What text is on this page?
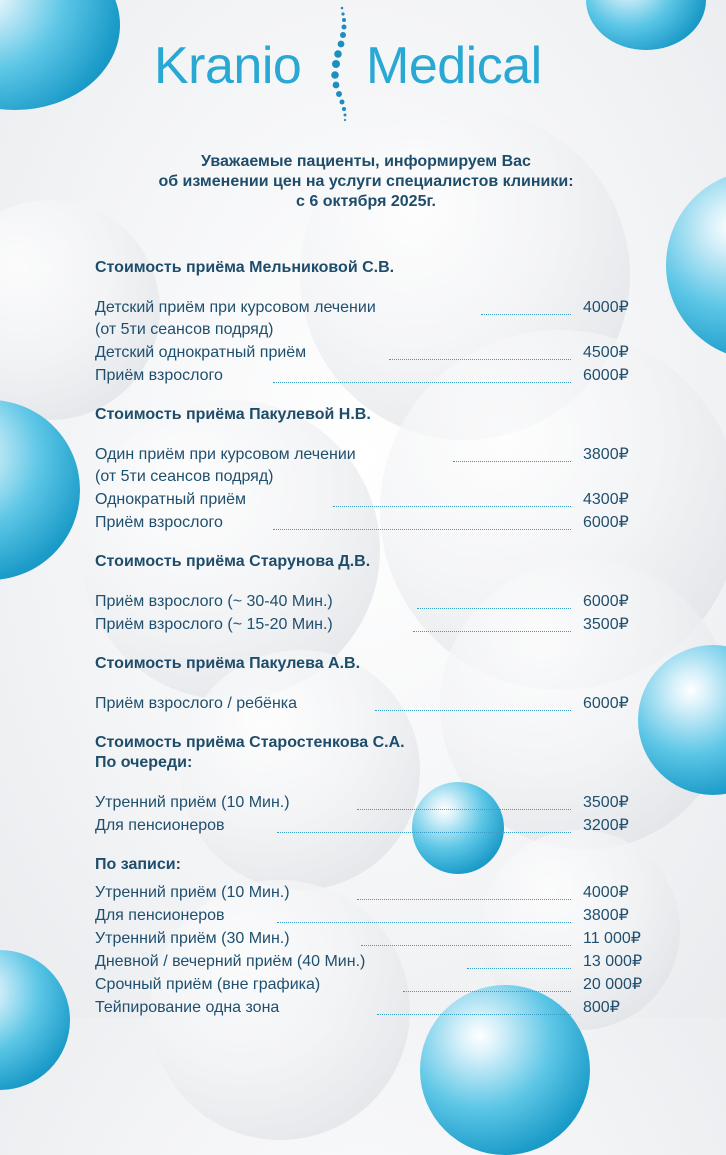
Kranio Medical
Уважаемые пациенты, информируем Вас
об изменении цен на услуги специалистов клиники:
с 6 октября 2025г.
Стоимость приёма Мельниковой С.В.
Детский приём при курсовом лечении	4000₽
(от 5ти сеансов подряд)
Детский однократный приём	4500₽
Приём взрослого	6000₽
Стоимость приёма Пакулевой Н.В.
Один приём при курсовом лечении	3800₽
(от 5ти сеансов подряд)
Однократный приём	4300₽
Приём взрослого	6000₽
Стоимость приёма Старунова Д.В.
Приём взрослого (~ 30-40 Мин.)	6000₽
Приём взрослого (~ 15-20 Мин.)	3500₽
Стоимость приёма Пакулева А.В.
Приём взрослого / ребёнка	6000₽
Стоимость приёма Старостенкова С.А.
По очереди:
Утренний приём (10 Мин.)	3500₽
Для пенсионеров	3200₽
По записи:
Утренний приём (10 Мин.)	4000₽
Для пенсионеров	3800₽
Утренний приём (30 Мин.)	11 000₽
Дневной / вечерний приём (40 Мин.)	13 000₽
Срочный приём (вне графика)	20 000₽
Тейпирование одна зона	800₽
